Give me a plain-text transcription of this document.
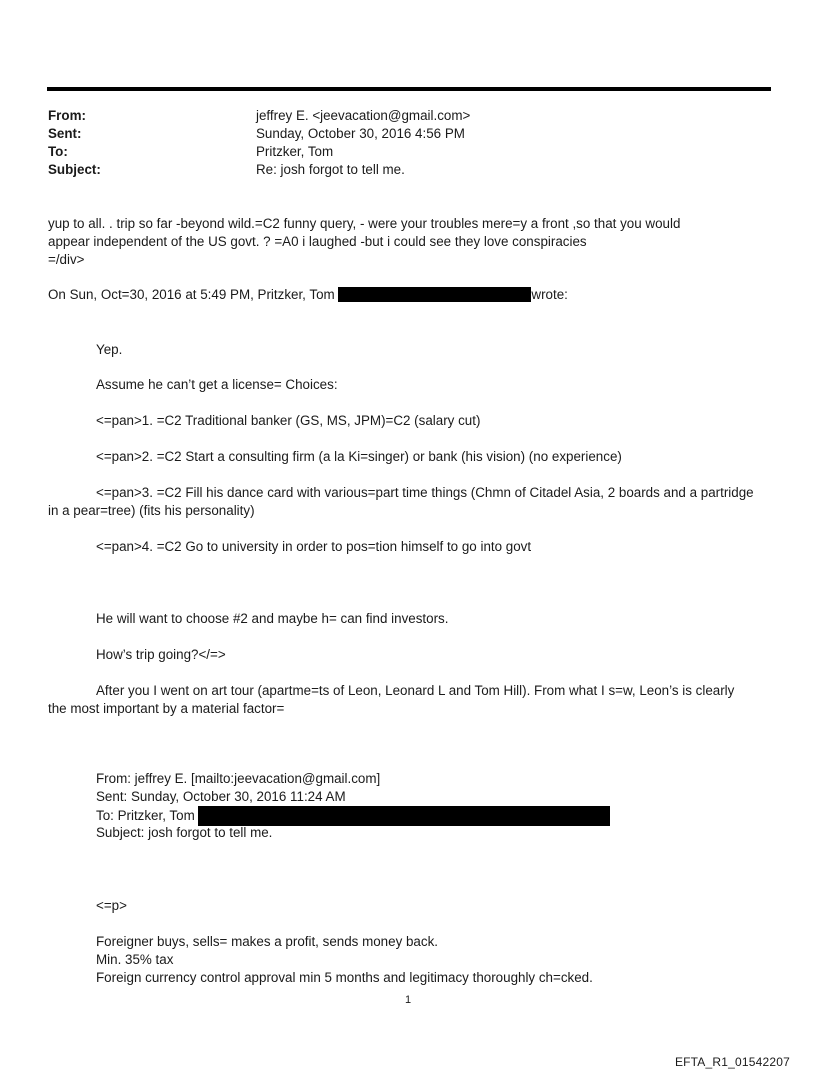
From:	jeffrey E. <jeevacation@gmail.com>
Sent:	Sunday, October 30, 2016 4:56 PM
To:	Pritzker, Tom
Subject:	Re: josh forgot to tell me.
yup to all. . trip so far -beyond wild.=C2 funny query, - were your troubles mere=y a front ,so that you would
appear independent of the US govt. ? =A0 i laughed -but i could see they love conspiracies
=/div>
On Sun, Oct=30, 2016 at 5:49 PM, Pritzker, Tom	wrote:
Yep.
Assume he can’t get a license= Choices:
<=pan>1. =C2 Traditional banker (GS, MS, JPM)=C2 (salary cut)
<=pan>2. =C2 Start a consulting firm (a la Ki=singer) or bank (his vision) (no experience)
<=pan>3. =C2 Fill his dance card with various=part time things (Chmn of Citadel Asia, 2 boards and a partridge
in a pear=tree) (fits his personality)
<=pan>4. =C2 Go to university in order to pos=tion himself to go into govt
He will want to choose #2 and maybe h= can find investors.
How’s trip going?</=>
After you I went on art tour (apartme=ts of Leon, Leonard L and Tom Hill). From what I s=w, Leon’s is clearly
the most important by a material factor=
From: jeffrey E. [mailto:jeevacation@gmail.com]
Sent: Sunday, October 30, 2016 11:24 AM
To: Pritzker, Tom
Subject: josh forgot to tell me.
<=p>
Foreigner buys, sells= makes a profit, sends money back.
Min. 35% tax
Foreign currency control approval min 5 months and legitimacy thoroughly ch=cked.
1
EFTA_R1_01542207
